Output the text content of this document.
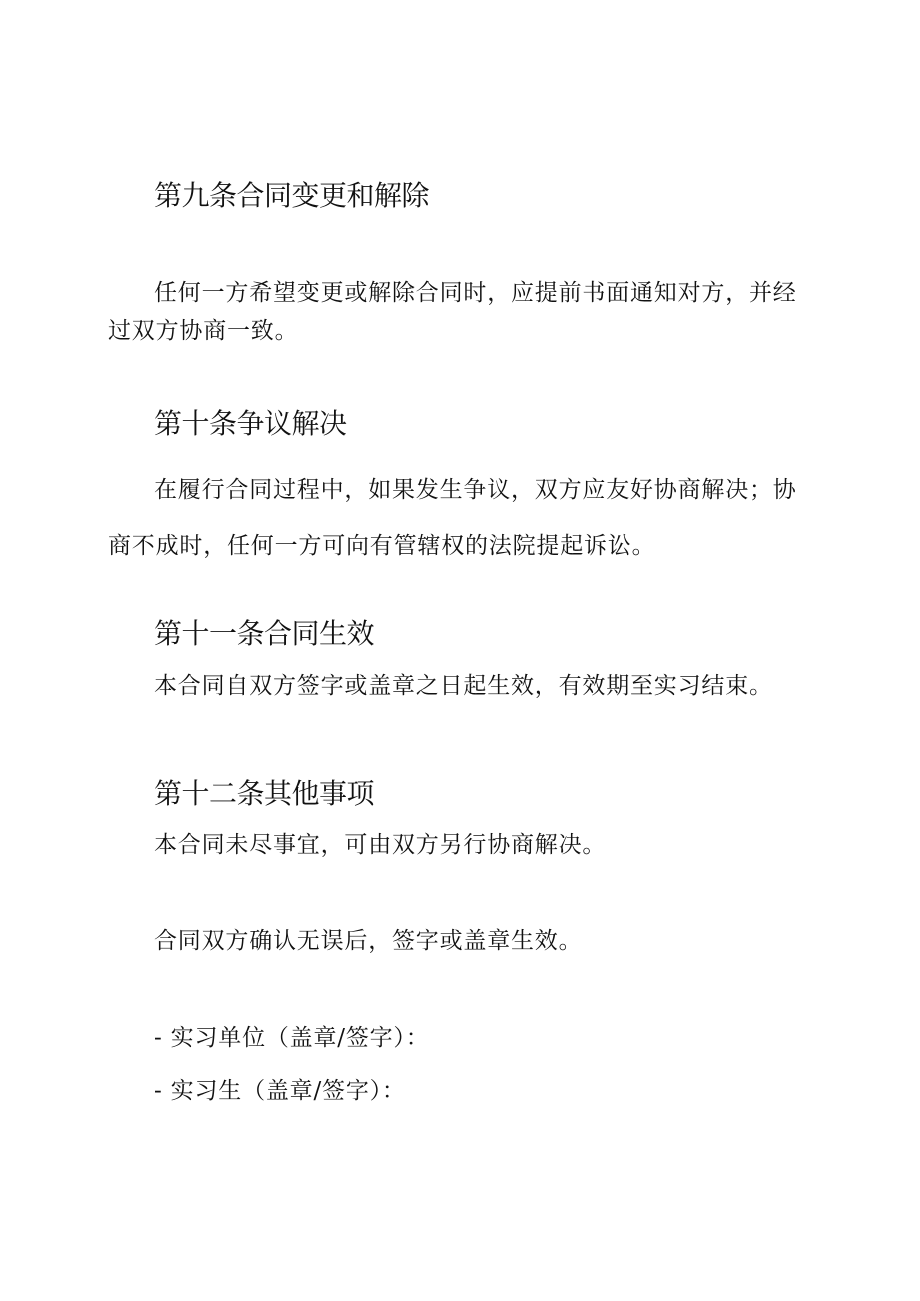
第九条合同变更和解除

任何一方希望变更或解除合同时，应提前书面通知对方，并经过双方协商一致。

第十条争议解决

在履行合同过程中，如果发生争议，双方应友好协商解决；协商不成时，任何一方可向有管辖权的法院提起诉讼。

第十一条合同生效

本合同自双方签字或盖章之日起生效，有效期至实习结束。

第十二条其他事项

本合同未尽事宜，可由双方另行协商解决。

合同双方确认无误后，签字或盖章生效。

- 实习单位（盖章/签字）：

- 实习生（盖章/签字）：
